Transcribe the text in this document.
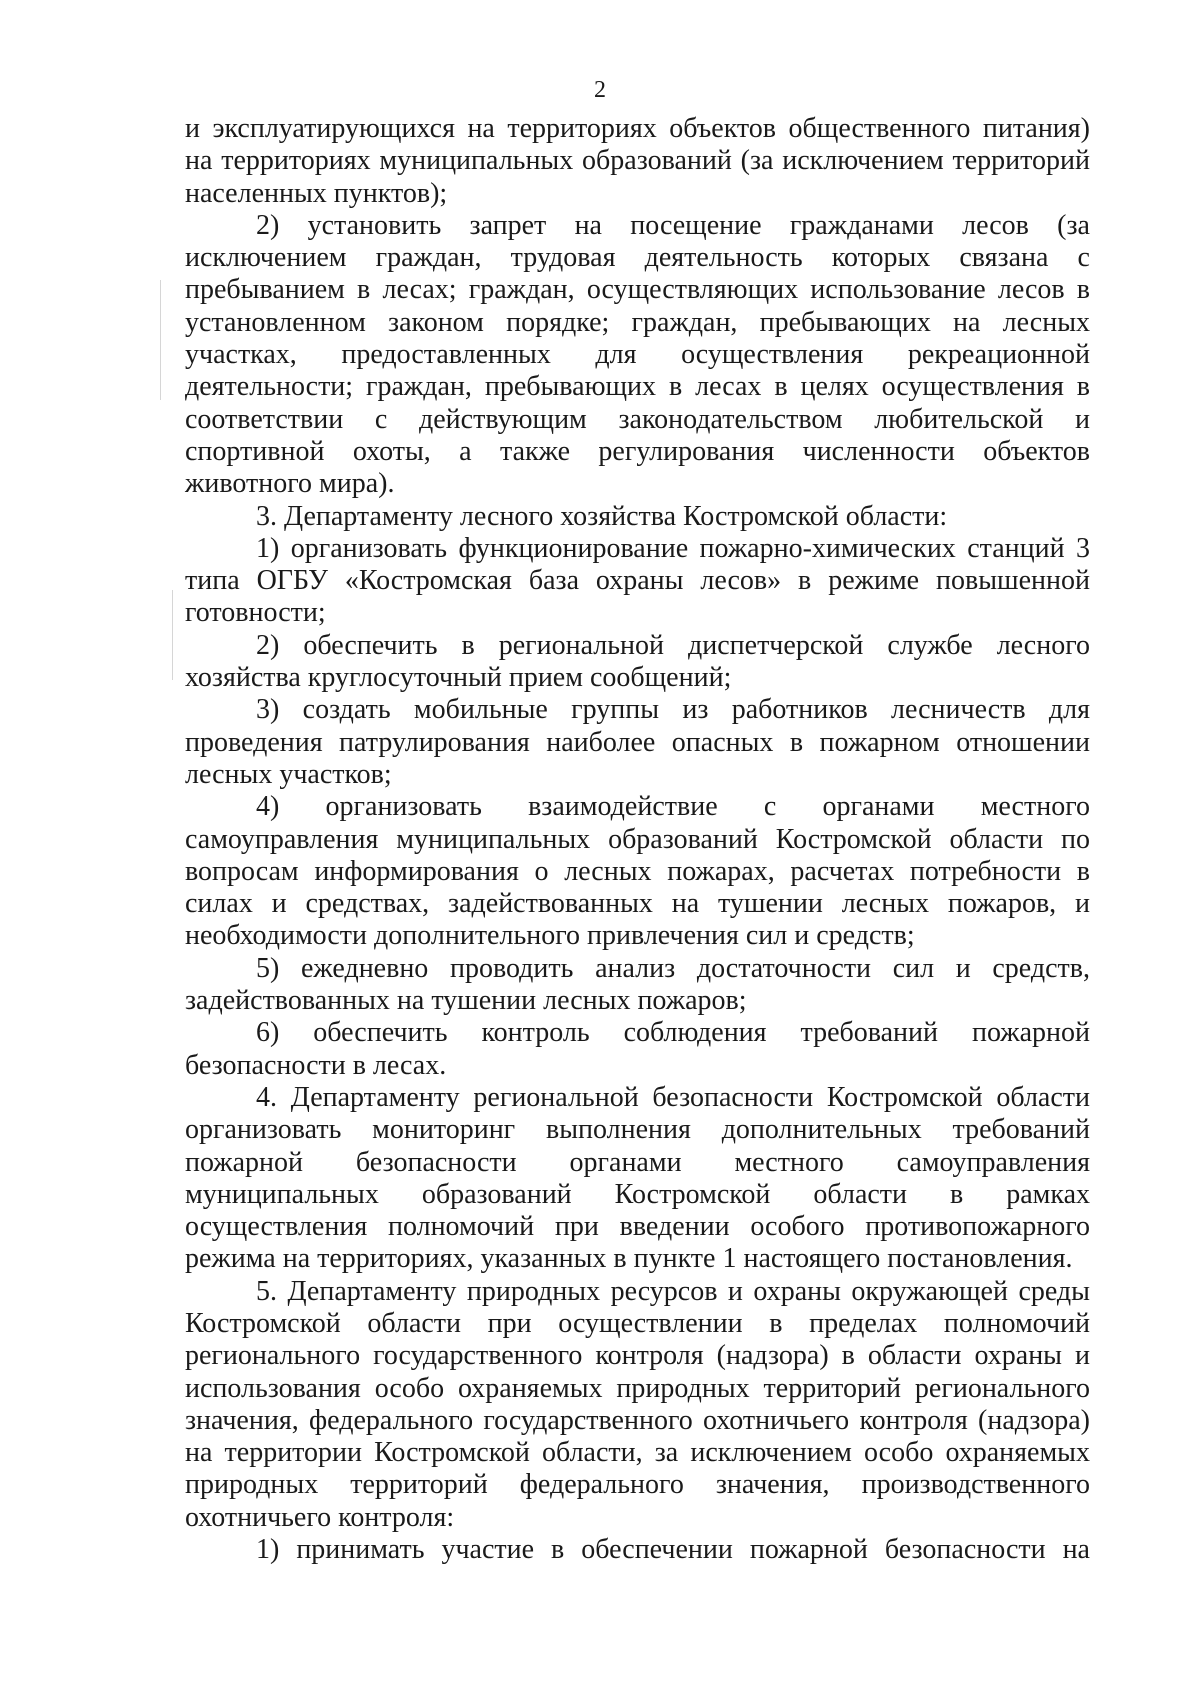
2

и эксплуатирующихся на территориях объектов общественного питания) на территориях муниципальных образований (за исключением территорий населенных пунктов);

2) установить запрет на посещение гражданами лесов (за исключением граждан, трудовая деятельность которых связана с пребыванием в лесах; граждан, осуществляющих использование лесов в установленном законом порядке; граждан, пребывающих на лесных участках, предоставленных для осуществления рекреационной деятельности; граждан, пребывающих в лесах в целях осуществления в соответствии с действующим законодательством любительской и спортивной охоты, а также регулирования численности объектов животного мира).

3. Департаменту лесного хозяйства Костромской области:

1) организовать функционирование пожарно-химических станций 3 типа ОГБУ «Костромская база охраны лесов» в режиме повышенной готовности;

2) обеспечить в региональной диспетчерской службе лесного хозяйства круглосуточный прием сообщений;

3) создать мобильные группы из работников лесничеств для проведения патрулирования наиболее опасных в пожарном отношении лесных участков;

4) организовать взаимодействие с органами местного самоуправления муниципальных образований Костромской области по вопросам информирования о лесных пожарах, расчетах потребности в силах и средствах, задействованных на тушении лесных пожаров, и необходимости дополнительного привлечения сил и средств;

5) ежедневно проводить анализ достаточности сил и средств, задействованных на тушении лесных пожаров;

6) обеспечить контроль соблюдения требований пожарной безопасности в лесах.

4. Департаменту региональной безопасности Костромской области организовать мониторинг выполнения дополнительных требований пожарной безопасности органами местного самоуправления муниципальных образований Костромской области в рамках осуществления полномочий при введении особого противопожарного режима на территориях, указанных в пункте 1 настоящего постановления.

5. Департаменту природных ресурсов и охраны окружающей среды Костромской области при осуществлении в пределах полномочий регионального государственного контроля (надзора) в области охраны и использования особо охраняемых природных территорий регионального значения, федерального государственного охотничьего контроля (надзора) на территории Костромской области, за исключением особо охраняемых природных территорий федерального значения, производственного охотничьего контроля:

1) принимать участие в обеспечении пожарной безопасности на
